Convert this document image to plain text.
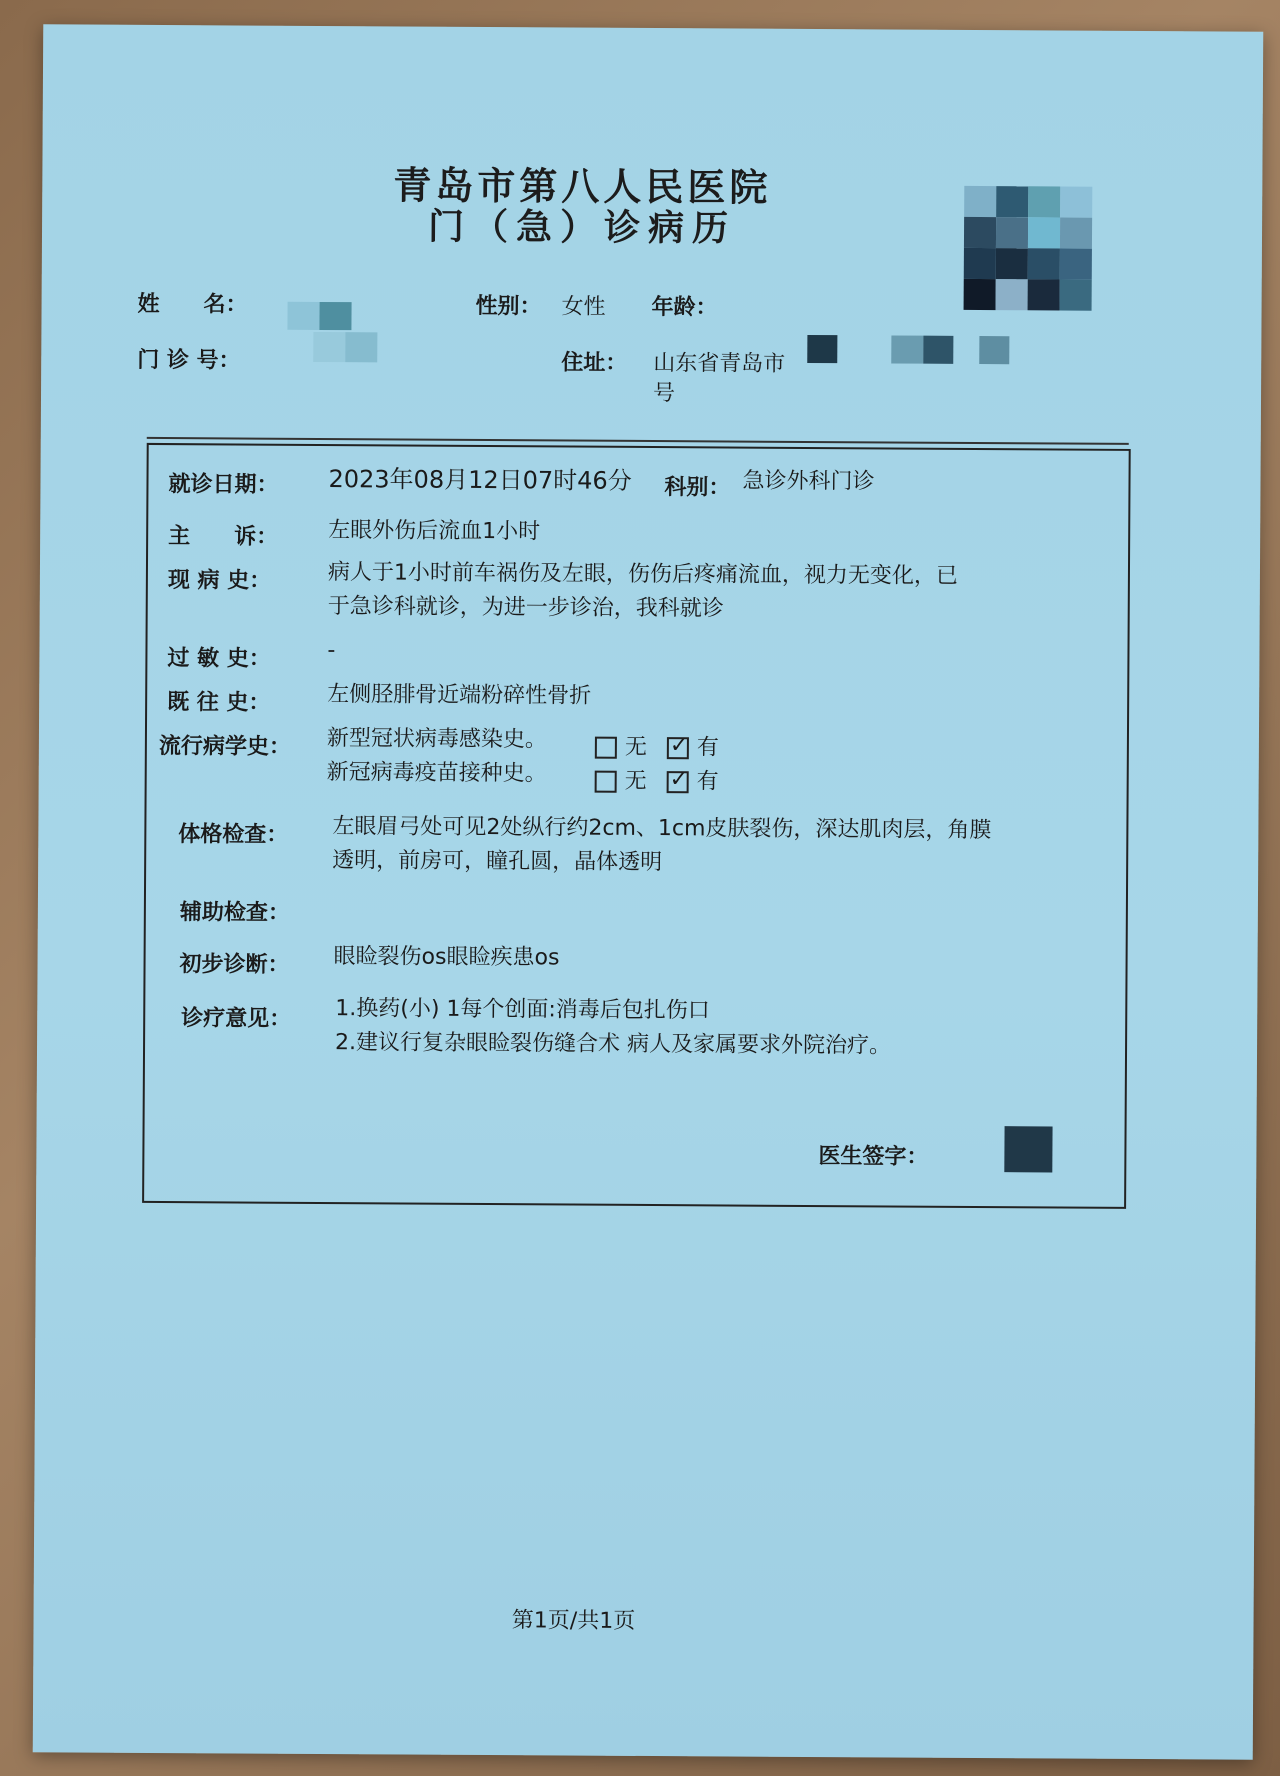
青岛市第八人民医院
门（急）诊病历
姓　　名：	性别： 女性 年龄：
门 诊 号：	住址： 山东省青岛市
号
就诊日期： 2023年08月12日07时46分 科别： 急诊外科门诊
主　　诉： 左眼外伤后流血1小时
现 病 史：	病人于1小时前车祸伤及左眼，伤伤后疼痛流血，视力无变化，已
于急诊科就诊，为进一步诊治，我科就诊
过 敏 史：	-
既 往 史：	左侧胫腓骨近端粉碎性骨折
流行病学史： 新型冠状病毒感染史。	无 ✓	有
新冠病毒疫苗接种史。	无 ✓	有
体格检查： 左眼眉弓处可见2处纵行约2cm、1cm皮肤裂伤，深达肌肉层，角膜
透明，前房可，瞳孔圆，晶体透明
辅助检查：
初步诊断： 眼睑裂伤os眼睑疾患os
诊疗意见： 1.换药(小) 1每个创面:消毒后包扎伤口
2.建议行复杂眼睑裂伤缝合术 病人及家属要求外院治疗。
医生签字：
第1页/共1页
